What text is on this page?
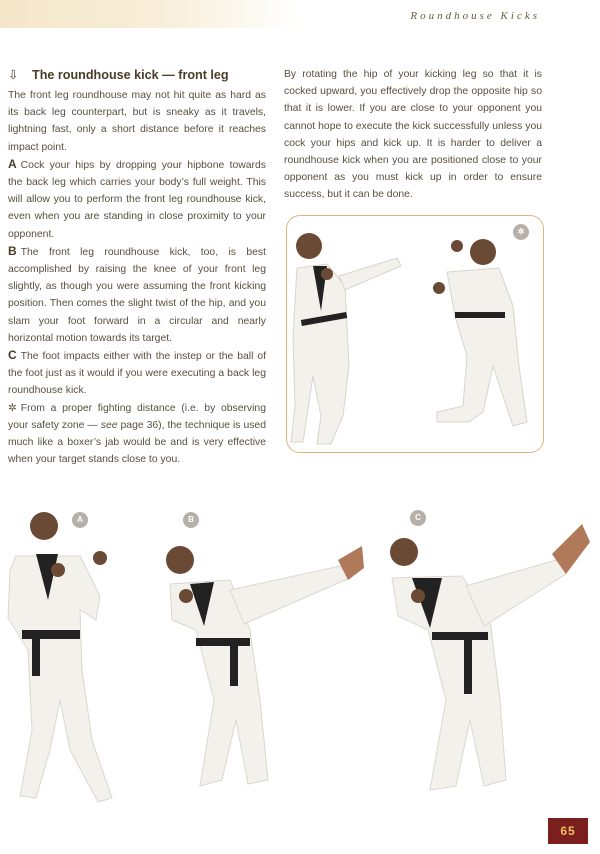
Roundhouse Kicks
⇩ The roundhouse kick — front leg

The front leg roundhouse may not hit quite as hard as its back leg counterpart, but is sneaky as it travels, lightning fast, only a short distance before it reaches impact point.

A Cock your hips by dropping your hipbone towards the back leg which carries your body’s full weight. This will allow you to perform the front leg roundhouse kick, even when you are standing in close proximity to your opponent.

B The front leg roundhouse kick, too, is best accomplished by raising the knee of your front leg slightly, as though you were assuming the front kicking position. Then comes the slight twist of the hip, and you slam your foot forward in a circular and nearly horizontal motion towards its target.

C The foot impacts either with the instep or the ball of the foot just as it would if you were executing a back leg roundhouse kick.

✲ From a proper fighting distance (i.e. by observing your safety zone — see page 36), the technique is used much like a boxer’s jab would be and is very effective when your target stands close to you.

By rotating the hip of your kicking leg so that it is cocked upward, you effectively drop the opposite hip so that it is lower. If you are close to your opponent you cannot hope to execute the kick successfully unless you cock your hips and kick up. It is harder to deliver a roundhouse kick when you are positioned close to your opponent as you must kick up in order to ensure success, but it can be done.

✲
A	B	C
65
